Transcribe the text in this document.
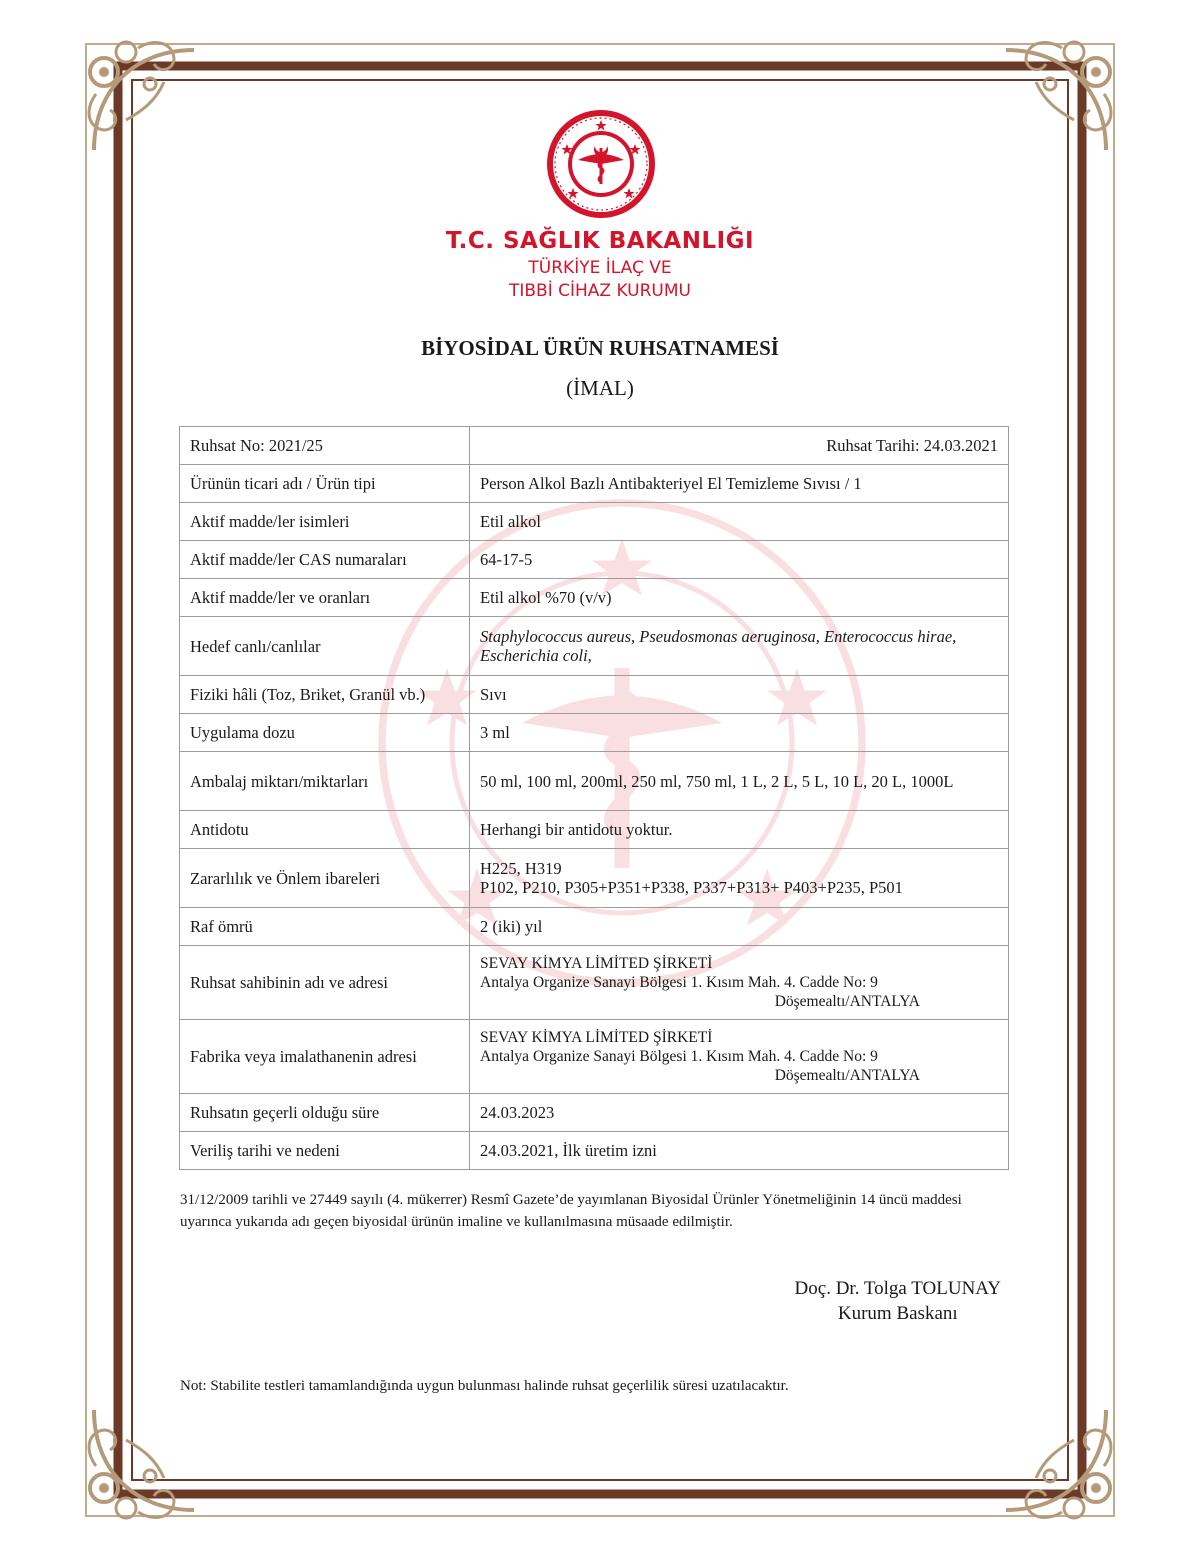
T.C. SAĞLIK BAKANLIĞI
TÜRKİYE İLAÇ VE
TIBBİ CİHAZ KURUMU
BİYOSİDAL ÜRÜN RUHSATNAMESİ
(İMAL)
Ruhsat No: 2021/25	Ruhsat Tarihi: 24.03.2021
Ürünün ticari adı / Ürün tipi	Person Alkol Bazlı Antibakteriyel El Temizleme Sıvısı / 1
Aktif madde/ler isimleri	Etil alkol
Aktif madde/ler CAS numaraları	64-17-5
Aktif madde/ler ve oranları	Etil alkol %70 (v/v)
Hedef canlı/canlılar	Staphylococcus aureus, Pseudosmonas aeruginosa, Enterococcus hirae, Escherichia coli,
Fiziki hâli (Toz, Briket, Granül vb.)	Sıvı
Uygulama dozu	3 ml
Ambalaj miktarı/miktarları	50 ml, 100 ml, 200ml, 250 ml, 750 ml, 1 L, 2 L, 5 L, 10 L, 20 L, 1000L
Antidotu	Herhangi bir antidotu yoktur.
Zararlılık ve Önlem ibareleri	H225, H319
P102, P210, P305+P351+P338, P337+P313+ P403+P235, P501

Raf ömrü	2 (iki) yıl
Ruhsat sahibinin adı ve adresi	SEVAY KİMYA LİMİTED ŞİRKETİ
Antalya Organize Sanayi Bölgesi 1. Kısım Mah. 4. Cadde No: 9
Döşemealtı/ANTALYA

Fabrika veya imalathanenin adresi	SEVAY KİMYA LİMİTED ŞİRKETİ
Antalya Organize Sanayi Bölgesi 1. Kısım Mah. 4. Cadde No: 9
Döşemealtı/ANTALYA

Ruhsatın geçerli olduğu süre	24.03.2023
Veriliş tarihi ve nedeni	24.03.2021, İlk üretim izni
31/12/2009 tarihli ve 27449 sayılı (4. mükerrer) Resmî Gazete’de yayımlanan Biyosidal Ürünler Yönetmeliğinin 14 üncü maddesi uyarınca yukarıda adı geçen biyosidal ürünün imaline ve kullanılmasına müsaade edilmiştir.
Doç. Dr. Tolga TOLUNAY
Kurum Baskanı
Not: Stabilite testleri tamamlandığında uygun bulunması halinde ruhsat geçerlilik süresi uzatılacaktır.
